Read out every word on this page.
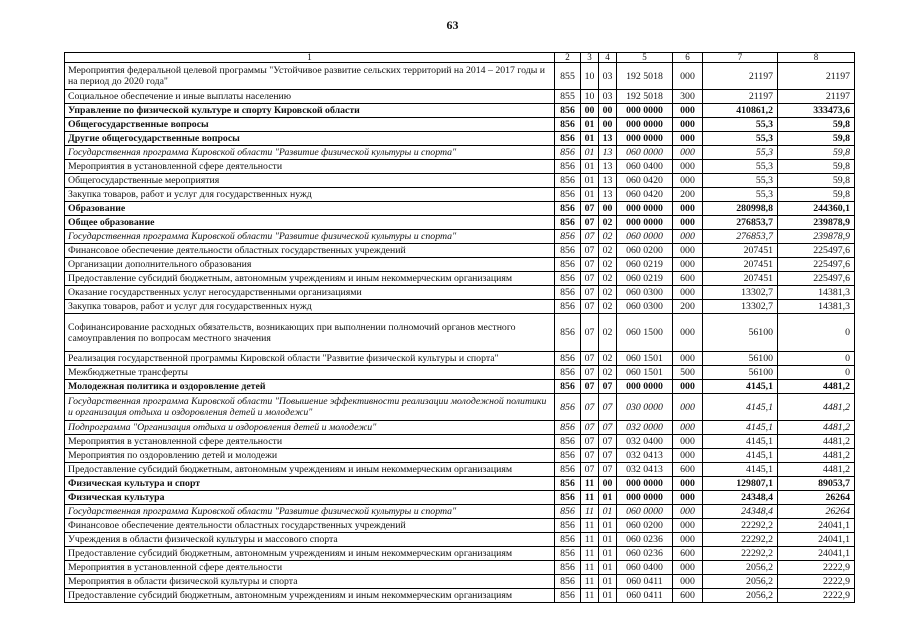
63
1	2	3	4	5	6	7	8
Мероприятия федеральной целевой программы "Устойчивое развитие сельских территорий на 2014 – 2017 годы и на период до 2020 года"	855	10	03	192 5018	000	21197	21197
Социальное обеспечение и иные выплаты населению	855	10	03	192 5018	300	21197	21197
Управление по физической культуре и спорту Кировской области	856	00	00	000 0000	000	410861,2	333473,6
Общегосударственные вопросы	856	01	00	000 0000	000	55,3	59,8
Другие общегосударственные вопросы	856	01	13	000 0000	000	55,3	59,8
Государственная программа Кировской области "Развитие физической культуры и спорта"	856	01	13	060 0000	000	55,3	59,8
Мероприятия в установленной сфере деятельности	856	01	13	060 0400	000	55,3	59,8
Общегосударственные мероприятия	856	01	13	060 0420	000	55,3	59,8
Закупка товаров, работ и услуг для государственных нужд	856	01	13	060 0420	200	55,3	59,8
Образование	856	07	00	000 0000	000	280998,8	244360,1
Общее образование	856	07	02	000 0000	000	276853,7	239878,9
Государственная программа Кировской области "Развитие физической культуры и спорта"	856	07	02	060 0000	000	276853,7	239878,9
Финансовое обеспечение деятельности областных государственных учреждений	856	07	02	060 0200	000	207451	225497,6
Организации дополнительного образования	856	07	02	060 0219	000	207451	225497,6
Предоставление субсидий бюджетным, автономным учреждениям и иным некоммерческим организациям	856	07	02	060 0219	600	207451	225497,6
Оказание государственных услуг негосударственными организациями	856	07	02	060 0300	000	13302,7	14381,3
Закупка товаров, работ и услуг для государственных нужд	856	07	02	060 0300	200	13302,7	14381,3
Софинансирование расходных обязательств, возникающих при выполнении полномочий органов местного самоуправления по вопросам местного значения	856	07	02	060 1500	000	56100	0
Реализация государственной программы Кировской области "Развитие физической культуры и спорта"	856	07	02	060 1501	000	56100	0
Межбюджетные трансферты	856	07	02	060 1501	500	56100	0
Молодежная политика и оздоровление детей	856	07	07	000 0000	000	4145,1	4481,2
Государственная программа Кировской области "Повышение эффективности реализации молодежной политики и организация отдыха и оздоровления детей и молодежи"	856	07	07	030 0000	000	4145,1	4481,2
Подпрограмма "Организация отдыха и оздоровления детей и молодежи"	856	07	07	032 0000	000	4145,1	4481,2
Мероприятия в установленной сфере деятельности	856	07	07	032 0400	000	4145,1	4481,2
Мероприятия по оздоровлению детей и молодежи	856	07	07	032 0413	000	4145,1	4481,2
Предоставление субсидий бюджетным, автономным учреждениям и иным некоммерческим организациям	856	07	07	032 0413	600	4145,1	4481,2
Физическая культура и спорт	856	11	00	000 0000	000	129807,1	89053,7
Физическая культура	856	11	01	000 0000	000	24348,4	26264
Государственная программа Кировской области "Развитие физической культуры и спорта"	856	11	01	060 0000	000	24348,4	26264
Финансовое обеспечение деятельности областных государственных учреждений	856	11	01	060 0200	000	22292,2	24041,1
Учреждения в области физической культуры и массового спорта	856	11	01	060 0236	000	22292,2	24041,1
Предоставление субсидий бюджетным, автономным учреждениям и иным некоммерческим организациям	856	11	01	060 0236	600	22292,2	24041,1
Мероприятия в установленной сфере деятельности	856	11	01	060 0400	000	2056,2	2222,9
Мероприятия в области физической культуры и спорта	856	11	01	060 0411	000	2056,2	2222,9
Предоставление субсидий бюджетным, автономным учреждениям и иным некоммерческим организациям	856	11	01	060 0411	600	2056,2	2222,9
